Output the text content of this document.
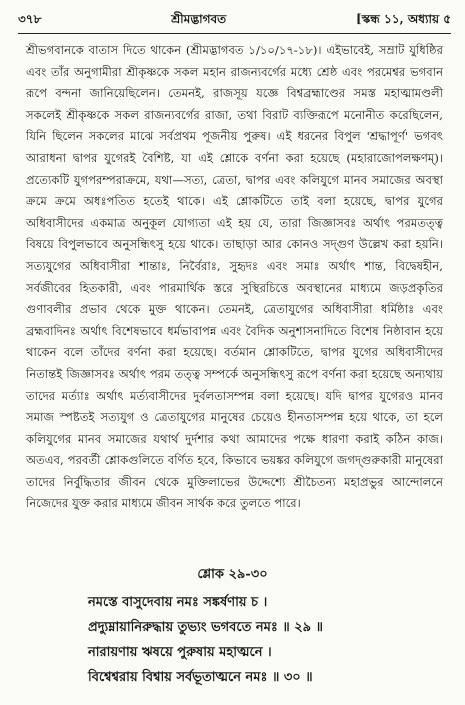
৩৭৮	শ্রীমদ্ভাগবত	[স্কন্ধ ১১, অধ্যায় ৫

শ্রীভগবানকে বাতাস দিতে থাকেন (শ্রীমদ্ভাগবত ১/১০/১৭-১৮)। এইভাবেই, সম্রাট যুধিষ্ঠির এবং তাঁর অনুগামীরা শ্রীকৃষ্ণকে সকল মহান রাজন্যবর্গের মধ্যে শ্রেষ্ঠ এবং পরমেশ্বর ভগবান রূপে বন্দনা জানিয়েছিলেন। তেমনই, রাজসূয় যজ্ঞে বিশ্বব্রহ্মাণ্ডের সমস্ত মহাত্মামণ্ডলী সকলেই শ্রীকৃষ্ণকে সকল রাজন্যবর্গের রাজা, তথা বিরাট ব্যক্তিরূপে মনোনীত করেছিলেন, যিনি ছিলেন সকলের মাঝে সর্বপ্রথম পূজনীয় পুরুষ। এই ধরনের বিপুল 'শ্রদ্ধাপূর্ণ' ভগবৎ আরাধনা দ্বাপর যুগেরই বৈশিষ্ট, যা এই শ্লোকে বর্ণনা করা হয়েছে (মহারাজোপলক্ষণম্)। প্রত্যেকটি যুগপরম্পরাক্রমে, যথা—সত্য, ত্রেতা, দ্বাপর এবং কলিযুগে মানব সমাজের অবস্থা ক্রমে ক্রমে অধঃপতিত হতেই থাকে। এই শ্লোকটিতে তাই বলা হয়েছে, দ্বাপর যুগের অধিবাসীদের একমাত্র অনুকূল যোগ্যতা এই হয় যে, তারা জিজ্ঞাসবঃ অর্থাৎ পরমতত্ত্ব বিষয়ে বিপুলভাবে অনুসন্ধিৎসু হয়ে থাকে। তাছাড়া আর কোনও সদ্‌গুণ উল্লেখ করা হয়নি। সত্যযুগের অধিবাসীরা শান্তাঃ, নির্বৈরাঃ, সুহৃদঃ এবং সমাঃ অর্থাৎ শান্ত, বিদ্বেষহীন, সর্বজীবের হিতকারী, এবং পারমার্থিক স্তরে সুস্থিরচিত্তে অবস্থানের মাধ্যমে জড়প্রকৃতির গুণাবলীর প্রভাব থেকে মুক্ত থাকেন। তেমনই, ত্রেতাযুগের অধিবাসীরা ধর্মিষ্ঠাঃ এবং ব্রহ্মবাদিনঃ অর্থাৎ বিশেষভাবে ধর্মভাবাপন্ন এবং বৈদিক অনুশাসনাদিতে বিশেষ নিষ্ঠাবান হয়ে থাকেন বলে তাঁদের বর্ণনা করা হয়েছে। বর্তমান শ্লোকটিতে, দ্বাপর যুগের অধিবাসীদের নিতান্তই জিজ্ঞাসবঃ অর্থাৎ পরম তত্ত্ব সম্পর্কে অনুসন্ধিৎসু রূপে বর্ণনা করা হয়েছে অন্যথায় তাদের মর্ত্যাঃ অর্থাৎ মর্ত্যবাসীদের দুর্বলতাসম্পন্ন বলা হয়েছে। যদি দ্বাপর যুগেরও মানব সমাজ স্পষ্টতই সত্যযুগ ও ত্রেতাযুগের মানুষের চেয়েও হীনতাসম্পন্ন হয়ে থাকে, তা হলে কলিযুগের মানব সমাজের যথার্থ দুর্দশার কথা আমাদের পক্ষে ধারণা করাই কঠিন কাজ। অতএব, পরবর্তী শ্লোকগুলিতে বর্ণিত হবে, কিভাবে ভয়ঙ্কর কলিযুগে জগদ্গুরুকারী মানুষেরা তাদের নির্বুদ্ধিতার জীবন থেকে মুক্তিলাভের উদ্দেশ্যে শ্রীচৈতন্য মহাপ্রভুর আন্দোলনে নিজেদের যুক্ত করার মাধ্যমে জীবন সার্থক করে তুলতে পারে।

শ্লোক ২৯-৩০
নমস্তে বাসুদেবায় নমঃ সঙ্কর্ষণায় চ ।
প্রদ্যুম্নায়ানিরুদ্ধায় তুভ্যং ভগবতে নমঃ ॥ ২৯ ॥
নারায়ণায় ঋষয়ে পুরুষায় মহাত্মনে ।
বিশ্বেশ্বরায় বিশ্বায় সর্বভূতাত্মনে নমঃ ॥ ৩০ ॥
